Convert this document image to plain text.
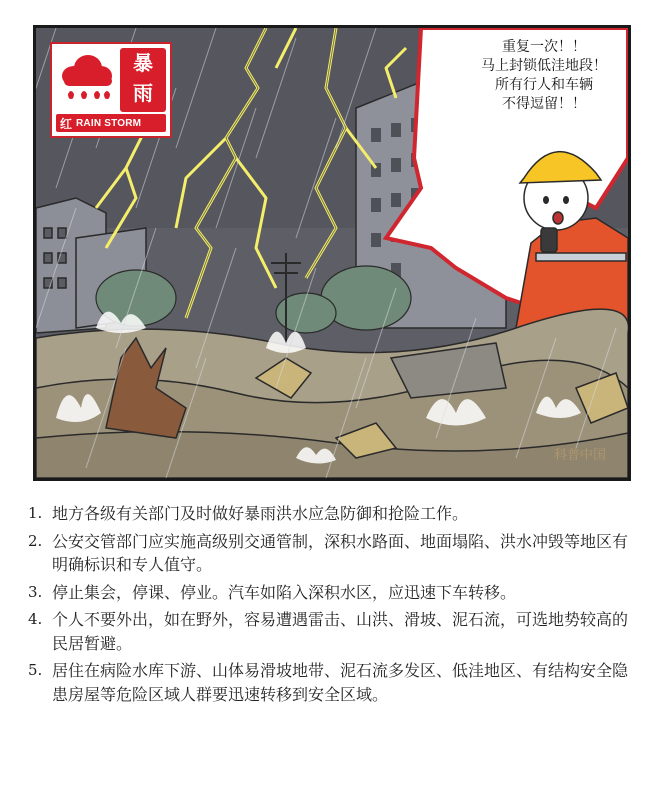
暴
雨
红 RAIN STORM
重复一次！！
马上封锁低洼地段！
所有行人和车辆
不得逗留！！
科普中国
1. 地方各级有关部门及时做好暴雨洪水应急防御和抢险工作。
2. 公安交管部门应实施高级别交通管制，深积水路面、地面塌陷、洪水冲毁等地区有明确标识和专人值守。
3. 停止集会，停课、停业。汽车如陷入深积水区，应迅速下车转移。
4. 个人不要外出，如在野外，容易遭遇雷击、山洪、滑坡、泥石流，可选地势较高的民居暂避。
5. 居住在病险水库下游、山体易滑坡地带、泥石流多发区、低洼地区、有结构安全隐患房屋等危险区域人群要迅速转移到安全区域。
